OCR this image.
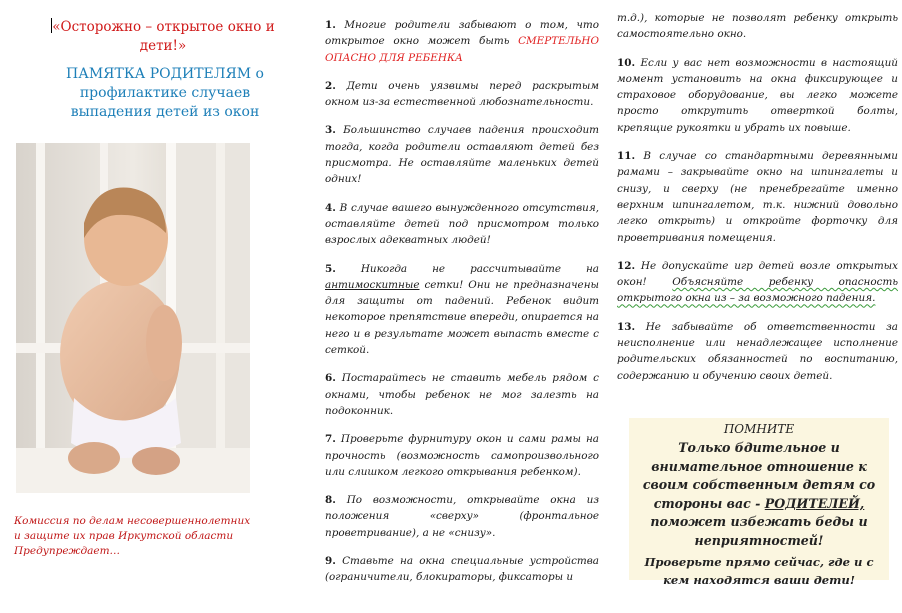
«Осторожно – открытое окно и дети!»
ПАМЯТКА РОДИТЕЛЯМ о профилактике случаев выпадения детей из окон
Комиссия по делам несовершеннолетних
и защите их прав Иркутской области
Предупреждает…

1. Многие родители забывают о том, что открытое окно может быть СМЕРТЕЛЬНО ОПАСНО ДЛЯ РЕБЕНКА

2. Дети очень уязвимы перед раскрытым окном из-за естественной любознательности.

3. Большинство случаев падения происходит тогда, когда родители оставляют детей без присмотра. Не оставляйте маленьких детей одних!

4. В случае вашего вынужденного отсутствия, оставляйте детей под присмотром только взрослых адекватных людей!

5. Никогда не рассчитывайте на антимоскитные сетки! Они не предназначены для защиты от падений. Ребенок видит некоторое препятствие впереди, опирается на него и в результате может выпасть вместе с сеткой.

6. Постарайтесь не ставить мебель рядом с окнами, чтобы ребенок не мог залезть на подоконник.

7. Проверьте фурнитуру окон и сами рамы на прочность (возможность самопроизвольного или слишком легкого открывания ребенком).

8. По возможности, открывайте окна из положения «сверху» (фронтальное проветривание), а не «снизу».

9. Ставьте на окна специальные устройства (ограничители, блокираторы, фиксаторы и

т.д.), которые не позволят ребенку открыть самостоятельно окно.

10. Если у вас нет возможности в настоящий момент установить на окна фиксирующее и страховое оборудование, вы легко можете просто открутить отверткой болты, крепящие рукоятки и убрать их повыше.

11. В случае со стандартными деревянными рамами – закрывайте окно на шпингалеты и снизу, и сверху (не пренебрегайте именно верхним шпингалетом, т.к. нижний довольно легко открыть) и откройте форточку для проветривания помещения.

12. Не допускайте игр детей возле открытых окон! Объясняйте ребенку опасность открытого окна из – за возможного падения.

13. Не забывайте об ответственности за неисполнение или ненадлежащее исполнение родительских обязанностей по воспитанию, содержанию и обучению своих детей.

ПОМНИТЕ
Только бдительное и внимательное отношение к своим собственным детям со стороны вас - РОДИТЕЛЕЙ, поможет избежать беды и неприятностей!
Проверьте прямо сейчас, где и с кем находятся ваши дети!
